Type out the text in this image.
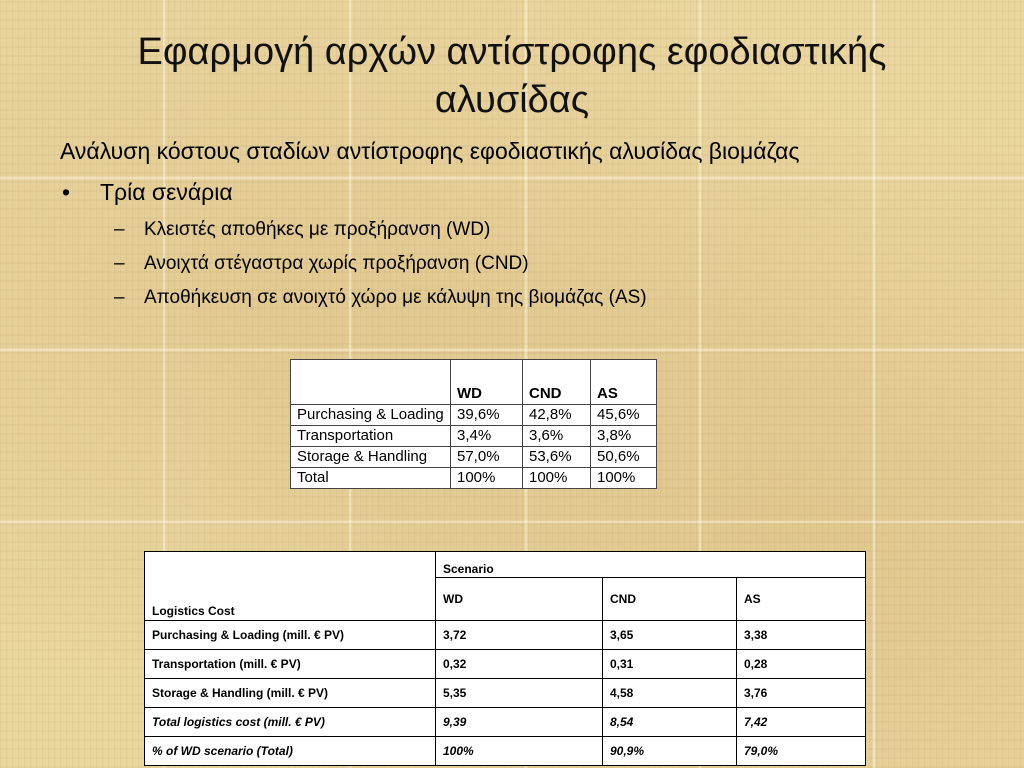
Εφαρμογή αρχών αντίστροφης εφοδιαστικής αλυσίδας
Ανάλυση κόστους σταδίων αντίστροφης εφοδιαστικής αλυσίδας βιομάζας
• Τρία σενάρια
– Κλειστές αποθήκες με προξήρανση (WD)
– Ανοιχτά στέγαστρα χωρίς προξήρανση (CND)
– Αποθήκευση σε ανοιχτό χώρο με κάλυψη της βιομάζας (AS)
	WD	CND	AS
Purchasing & Loading	39,6%	42,8%	45,6%
Transportation	3,4%	3,6%	3,8%
Storage & Handling	57,0%	53,6%	50,6%
Total	100%	100%	100%
Logistics Cost	Scenario		
	WD	CND	AS
Purchasing & Loading (mill. € PV)	3,72	3,65	3,38
Transportation (mill. € PV)	0,32	0,31	0,28
Storage & Handling (mill. € PV)	5,35	4,58	3,76
Total logistics cost (mill. € PV)	9,39	8,54	7,42
% of WD scenario (Total)	100%	90,9%	79,0%
